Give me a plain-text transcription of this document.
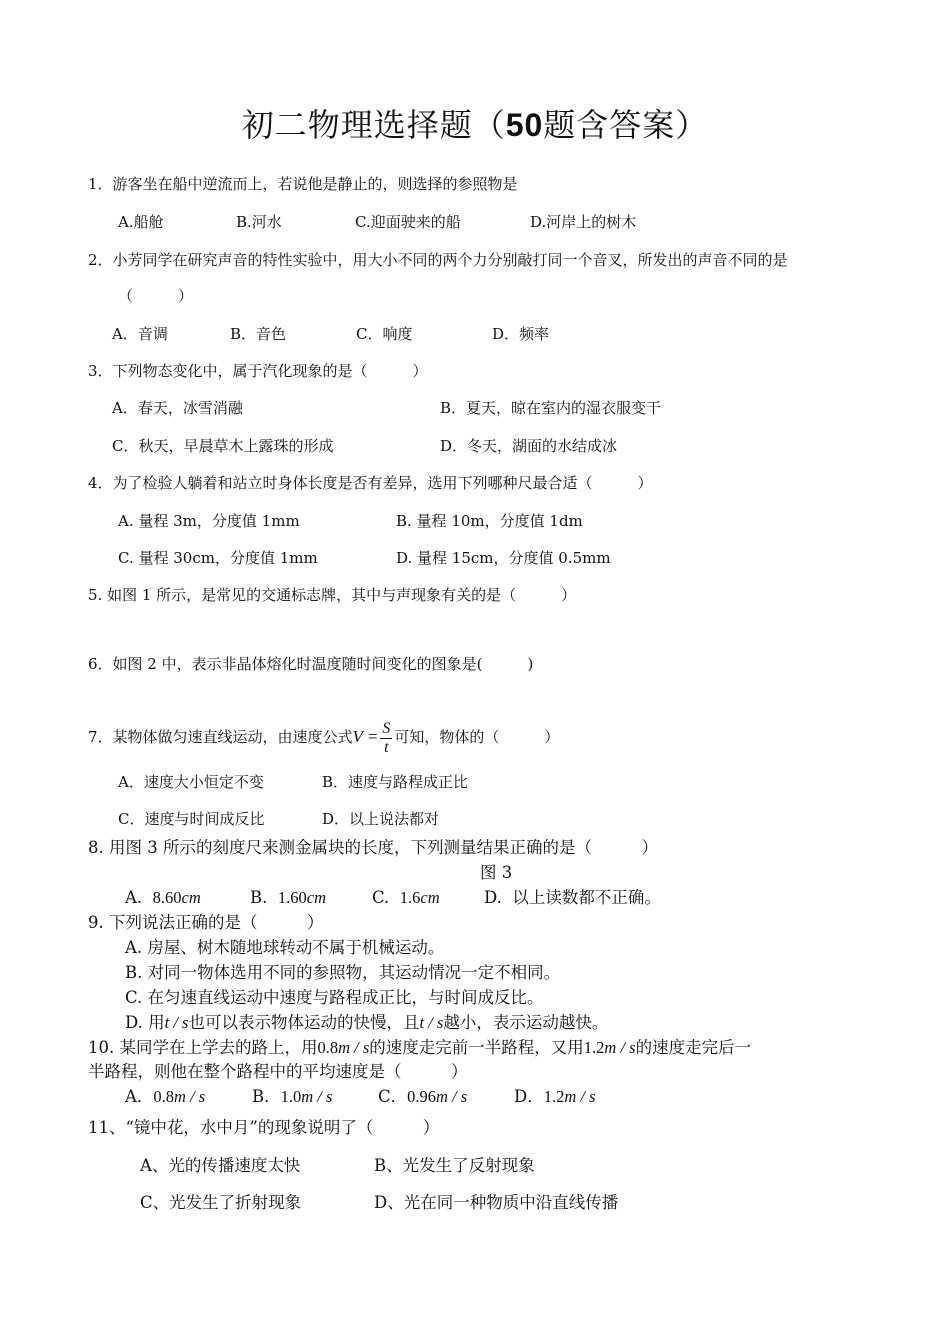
初二物理选择题（50题含答案）
1．游客坐在船中逆流而上，若说他是静止的，则选择的参照物是
A.船舱	B.河水	C.迎面驶来的船	D.河岸上的树木
2．小芳同学在研究声音的特性实验中，用大小不同的两个力分别敲打同一个音叉，所发出的声音不同的是
（　　　）
A．音调	B．音色	C．响度	D．频率
3．下列物态变化中，属于汽化现象的是（　　　）
A．春天，冰雪消融	B．夏天，晾在室内的湿衣服变干
C．秋天，早晨草木上露珠的形成	D．冬天，湖面的水结成冰
4．为了检验人躺着和站立时身体长度是否有差异，选用下列哪种尺最合适（　　　）
A. 量程 3m，分度值 1mm	B. 量程 10m，分度值 1dm
C. 量程 30cm，分度值 1mm	D. 量程 15cm，分度值 0.5mm
5. 如图 1 所示，是常见的交通标志牌，其中与声现象有关的是（　　　）
6．如图 2 中，表示非晶体熔化时温度随时间变化的图象是(　　　)
7．某物体做匀速直线运动，由速度公式$V = \frac{S}{t}$ 可知，物体的（　　　）
A．速度大小恒定不变	B．速度与路程成正比
C．速度与时间成反比	D．以上说法都对
8. 用图 3 所示的刻度尺来测金属块的长度，下列测量结果正确的是（　　　）
图 3
A. 8.60cm	B. 1.60cm	C. 1.6cm	D. 以上读数都不正确。
9. 下列说法正确的是（　　　）
A. 房屋、树木随地球转动不属于机械运动。
B. 对同一物体选用不同的参照物，其运动情况一定不相同。
C. 在匀速直线运动中速度与路程成正比，与时间成反比。
D. 用t / s也可以表示物体运动的快慢，且t / s越小，表示运动越快。
10. 某同学在上学去的路上，用0.8m / s的速度走完前一半路程，又用1.2m / s的速度走完后一
半路程，则他在整个路程中的平均速度是（　　　）
A．0.8m / s	B．1.0m / s	C．0.96m / s	D．1.2m / s
11、“镜中花，水中月”的现象说明了（　　　）
A、光的传播速度太快	B、光发生了反射现象
C、光发生了折射现象	D、光在同一种物质中沿直线传播
